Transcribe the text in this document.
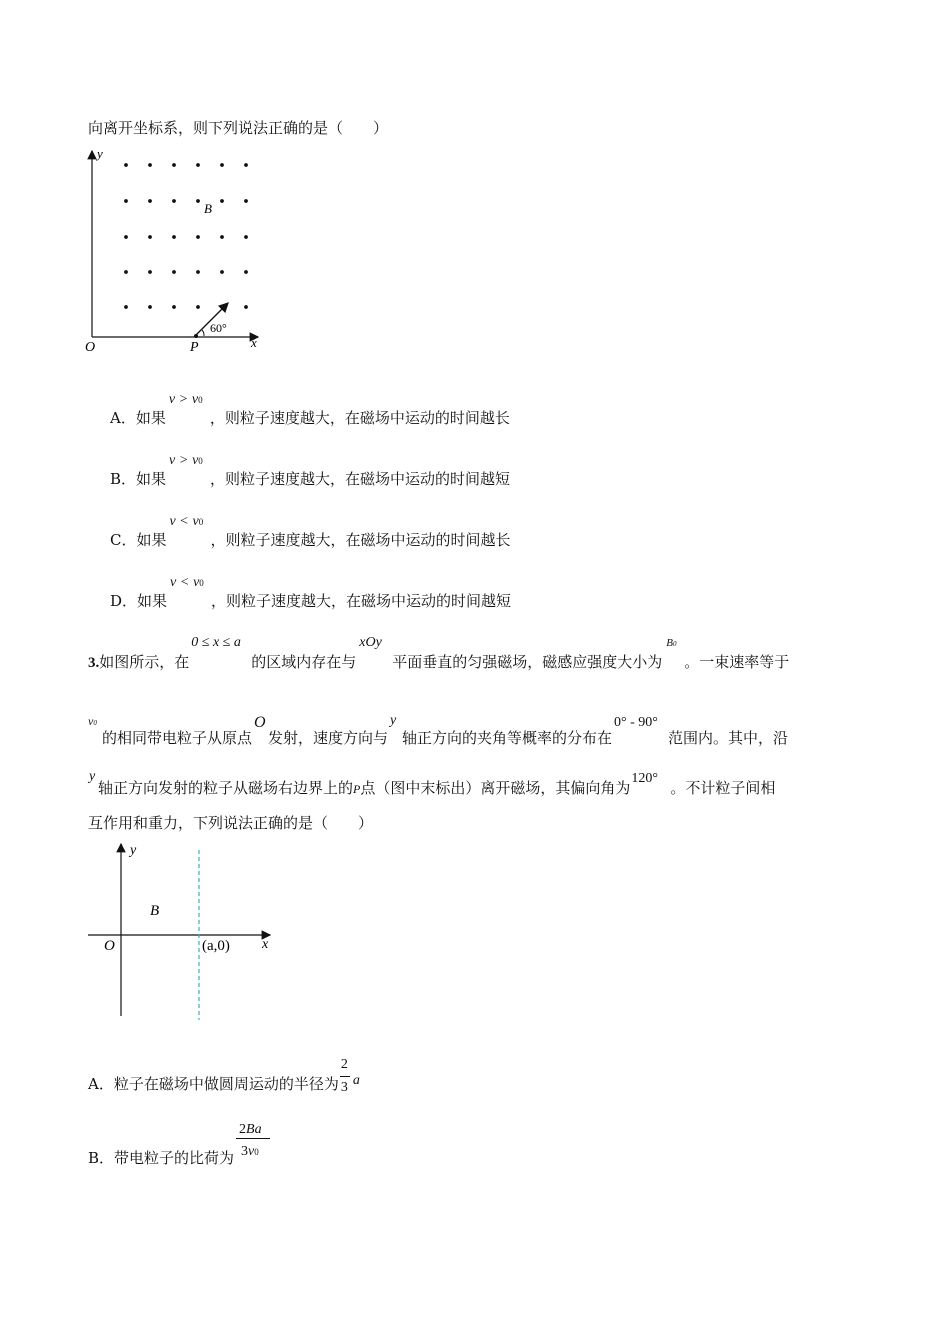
向离开坐标系，则下列说法正确的是（　　）
y
O	P	x
B
60°
A．如果
v > v0
，则粒子速度越大，在磁场中运动的时间越长
B．如果
v > v0
，则粒子速度越大，在磁场中运动的时间越短
C．如果
v < v0
，则粒子速度越大，在磁场中运动的时间越长
D．如果
v < v0
，则粒子速度越大，在磁场中运动的时间越短
3.如图所示，在
0 ≤ x ≤ a
的区域内存在与
xOy
平面垂直的匀强磁场，磁感应强度大小为
B0
。一束速率等于
v0
的相同带电粒子从原点
O
发射，速度方向与
y
轴正方向的夹角等概率的分布在
0° - 90°
范围内。其中，沿
y
轴正方向发射的粒子从磁场右边界上的P点（图中末标出）离开磁场，其偏向角为
120°
。不计粒子间相
互作用和重力，下列说法正确的是（　　）
y
x
O
B
(a,0)
A．粒子在磁场中做圆周运动的半径为
2
3 a
B．带电粒子的比荷为 $\frac{2Ba}{3v0}$
